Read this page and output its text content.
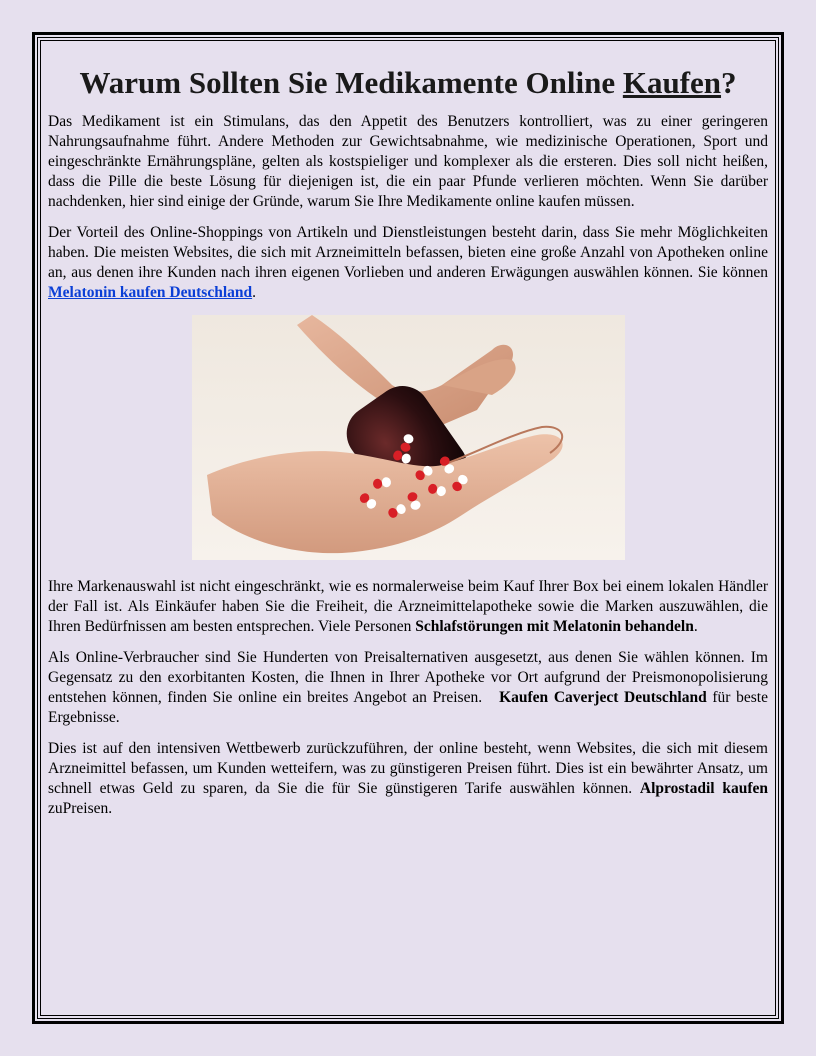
Warum Sollten Sie Medikamente Online Kaufen?

Das Medikament ist ein Stimulans, das den Appetit des Benutzers kontrolliert, was zu einer geringeren Nahrungsaufnahme führt. Andere Methoden zur Gewichtsabnahme, wie medizinische Operationen, Sport und eingeschränkte Ernährungspläne, gelten als kostspieliger und komplexer als die ersteren. Dies soll nicht heißen, dass die Pille die beste Lösung für diejenigen ist, die ein paar Pfunde verlieren möchten. Wenn Sie darüber nachdenken, hier sind einige der Gründe, warum Sie Ihre Medikamente online kaufen müssen.

Der Vorteil des Online-Shoppings von Artikeln und Dienstleistungen besteht darin, dass Sie mehr Möglichkeiten haben. Die meisten Websites, die sich mit Arzneimitteln befassen, bieten eine große Anzahl von Apotheken online an, aus denen ihre Kunden nach ihren eigenen Vorlieben und anderen Erwägungen auswählen können. Sie können Melatonin kaufen Deutschland.

Ihre Markenauswahl ist nicht eingeschränkt, wie es normalerweise beim Kauf Ihrer Box bei einem lokalen Händler der Fall ist. Als Einkäufer haben Sie die Freiheit, die Arzneimittelapotheke sowie die Marken auszuwählen, die Ihren Bedürfnissen am besten entsprechen. Viele Personen Schlafstörungen mit Melatonin behandeln.

Als Online-Verbraucher sind Sie Hunderten von Preisalternativen ausgesetzt, aus denen Sie wählen können. Im Gegensatz zu den exorbitanten Kosten, die Ihnen in Ihrer Apotheke vor Ort aufgrund der Preismonopolisierung entstehen können, finden Sie online ein breites Angebot an Preisen.   Kaufen Caverject Deutschland für beste Ergebnisse.

Dies ist auf den intensiven Wettbewerb zurückzuführen, der online besteht, wenn Websites, die sich mit diesem Arzneimittel befassen, um Kunden wetteifern, was zu günstigeren Preisen führt. Dies ist ein bewährter Ansatz, um schnell etwas Geld zu sparen, da Sie die für Sie günstigeren Tarife auswählen können. Alprostadil kaufen zuPreisen.
